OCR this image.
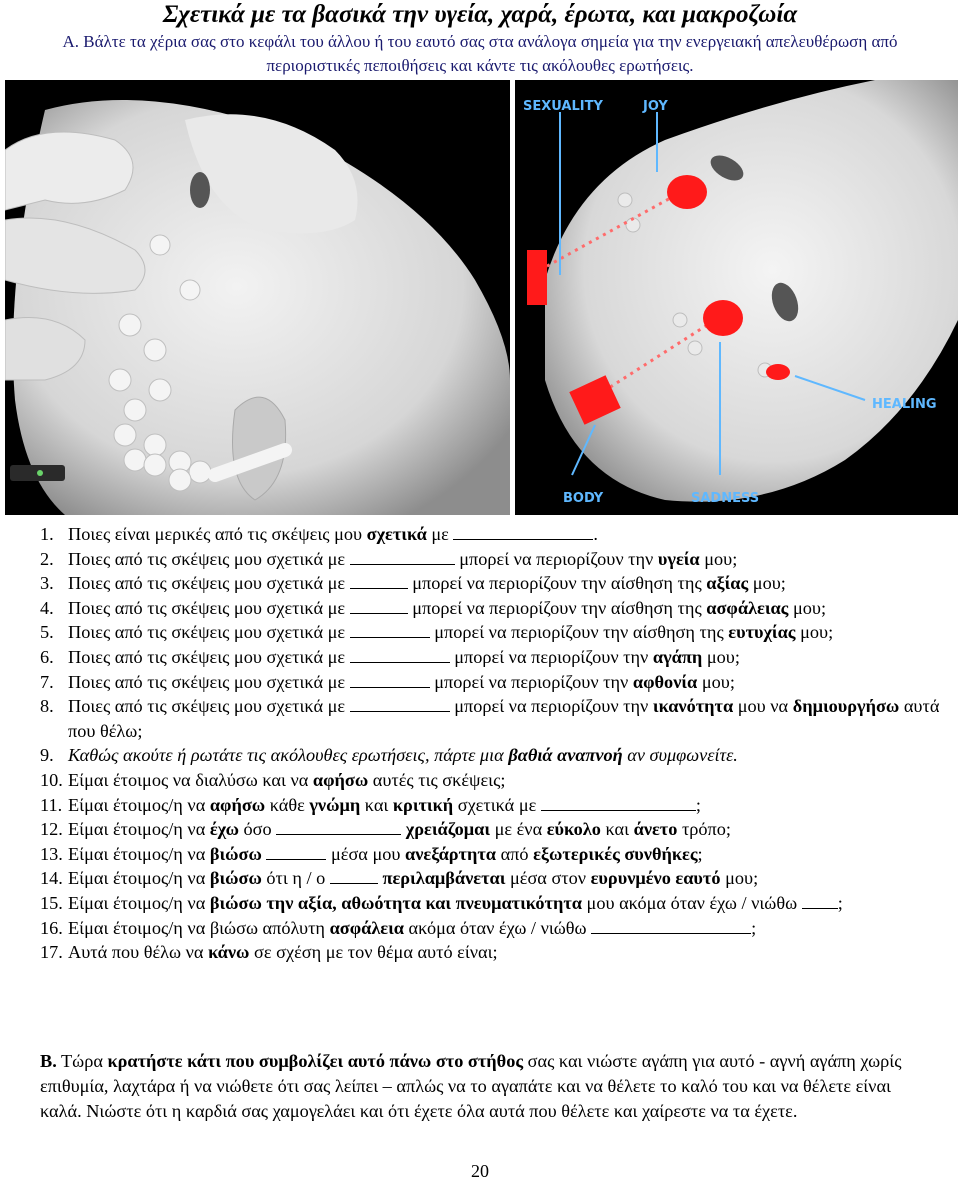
Σχετικά με τα βασικά την υγεία, χαρά, έρωτα, και μακροζωία
Α. Βάλτε τα χέρια σας στο κεφάλι του άλλου ή του εαυτό σας στα ανάλογα σημεία για την ενεργειακή απελευθέρωση από περιοριστικές πεποιθήσεις και κάντε τις ακόλουθες ερωτήσεις.
SEXUALITY	JOY
HEALING
BODY	SADNESS
1. Ποιες είναι μερικές από τις σκέψεις μου σχετικά με	.
2. Ποιες από τις σκέψεις μου σχετικά με	μπορεί να περιορίζουν την υγεία μου;
3. Ποιες από τις σκέψεις μου σχετικά με	μπορεί να περιορίζουν την αίσθηση της αξίας μου;
4. Ποιες από τις σκέψεις μου σχετικά με	μπορεί να περιορίζουν την αίσθηση της ασφάλειας μου;
5. Ποιες από τις σκέψεις μου σχετικά με	μπορεί να περιορίζουν την αίσθηση της ευτυχίας μου;
6. Ποιες από τις σκέψεις μου σχετικά με	μπορεί να περιορίζουν την αγάπη μου;
7. Ποιες από τις σκέψεις μου σχετικά με	μπορεί να περιορίζουν την αφθονία μου;
8. Ποιες από τις σκέψεις μου σχετικά με	μπορεί να περιορίζουν την ικανότητα μου να δημιουργήσω αυτά που θέλω;
9. Καθώς ακούτε ή ρωτάτε τις ακόλουθες ερωτήσεις, πάρτε μια βαθιά αναπνοή αν συμφωνείτε.
10. Είμαι έτοιμος να διαλύσω και να αφήσω αυτές τις σκέψεις;
11. Είμαι έτοιμος/η να αφήσω κάθε γνώμη και κριτική σχετικά με	;
12. Είμαι έτοιμος/η να έχω όσο	χρειάζομαι με ένα εύκολο και άνετο τρόπο;
13. Είμαι έτοιμος/η να βιώσω	μέσα μου ανεξάρτητα από εξωτερικές συνθήκες;
14. Είμαι έτοιμος/η να βιώσω ότι η / ο	περιλαμβάνεται μέσα στον ευρυνμένο εαυτό μου;
15. Είμαι έτοιμος/η να βιώσω την αξία, αθωότητα και πνευματικότητα μου ακόμα όταν έχω / νιώθω ;
16. Είμαι έτοιμος/η να βιώσω απόλυτη ασφάλεια ακόμα όταν έχω / νιώθω	;
17. Αυτά που θέλω να κάνω σε σχέση με τον θέμα αυτό είναι;
Β. Τώρα κρατήστε κάτι που συμβολίζει αυτό πάνω στο στήθος σας και νιώστε αγάπη για αυτό - αγνή αγάπη χωρίς επιθυμία, λαχτάρα ή να νιώθετε ότι σας λείπει – απλώς να το αγαπάτε και να θέλετε το καλό του και να θέλετε είναι καλά. Νιώστε ότι η καρδιά σας χαμογελάει και ότι έχετε όλα αυτά που θέλετε και χαίρεστε να τα έχετε.
20
